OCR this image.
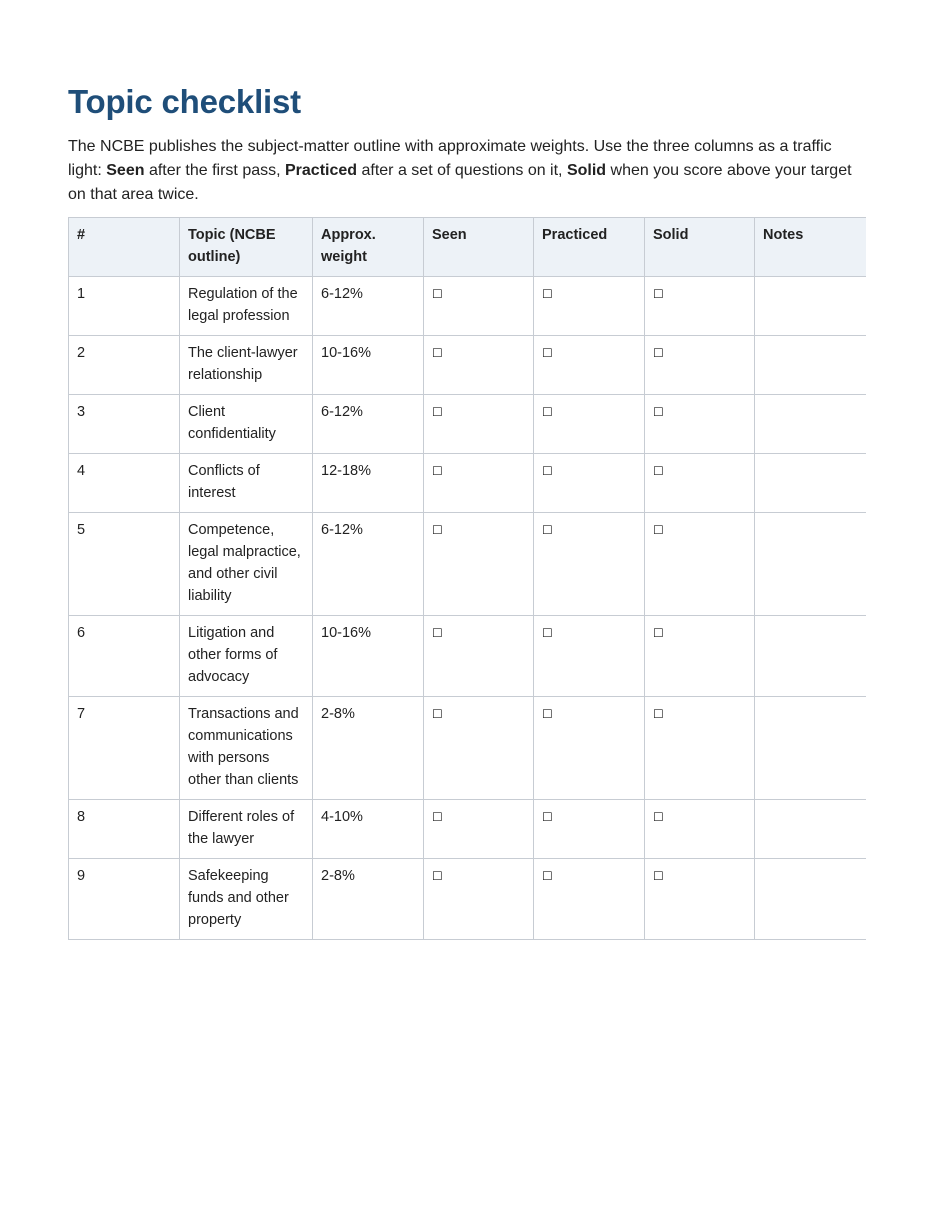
Topic checklist

The NCBE publishes the subject-matter outline with approximate weights. Use the three columns as a traffic light: Seen after the first pass, Practiced after a set of questions on it, Solid when you score above your target on that area twice.

#	Topic (NCBE outline)	Approx. weight	Seen	Practiced	Solid	Notes
1	Regulation of the legal profession	6-12%	☐	☐	☐	
2	The client-lawyer relationship	10-16%	☐	☐	☐	
3	Client confidentiality	6-12%	☐	☐	☐	
4	Conflicts of interest	12-18%	☐	☐	☐	
5	Competence, legal malpractice, and other civil liability	6-12%	☐	☐	☐	
6	Litigation and other forms of advocacy	10-16%	☐	☐	☐	
7	Transactions and communications with persons other than clients	2-8%	☐	☐	☐	
8	Different roles of the lawyer	4-10%	☐	☐	☐	
9	Safekeeping funds and other property	2-8%	☐	☐	☐	
